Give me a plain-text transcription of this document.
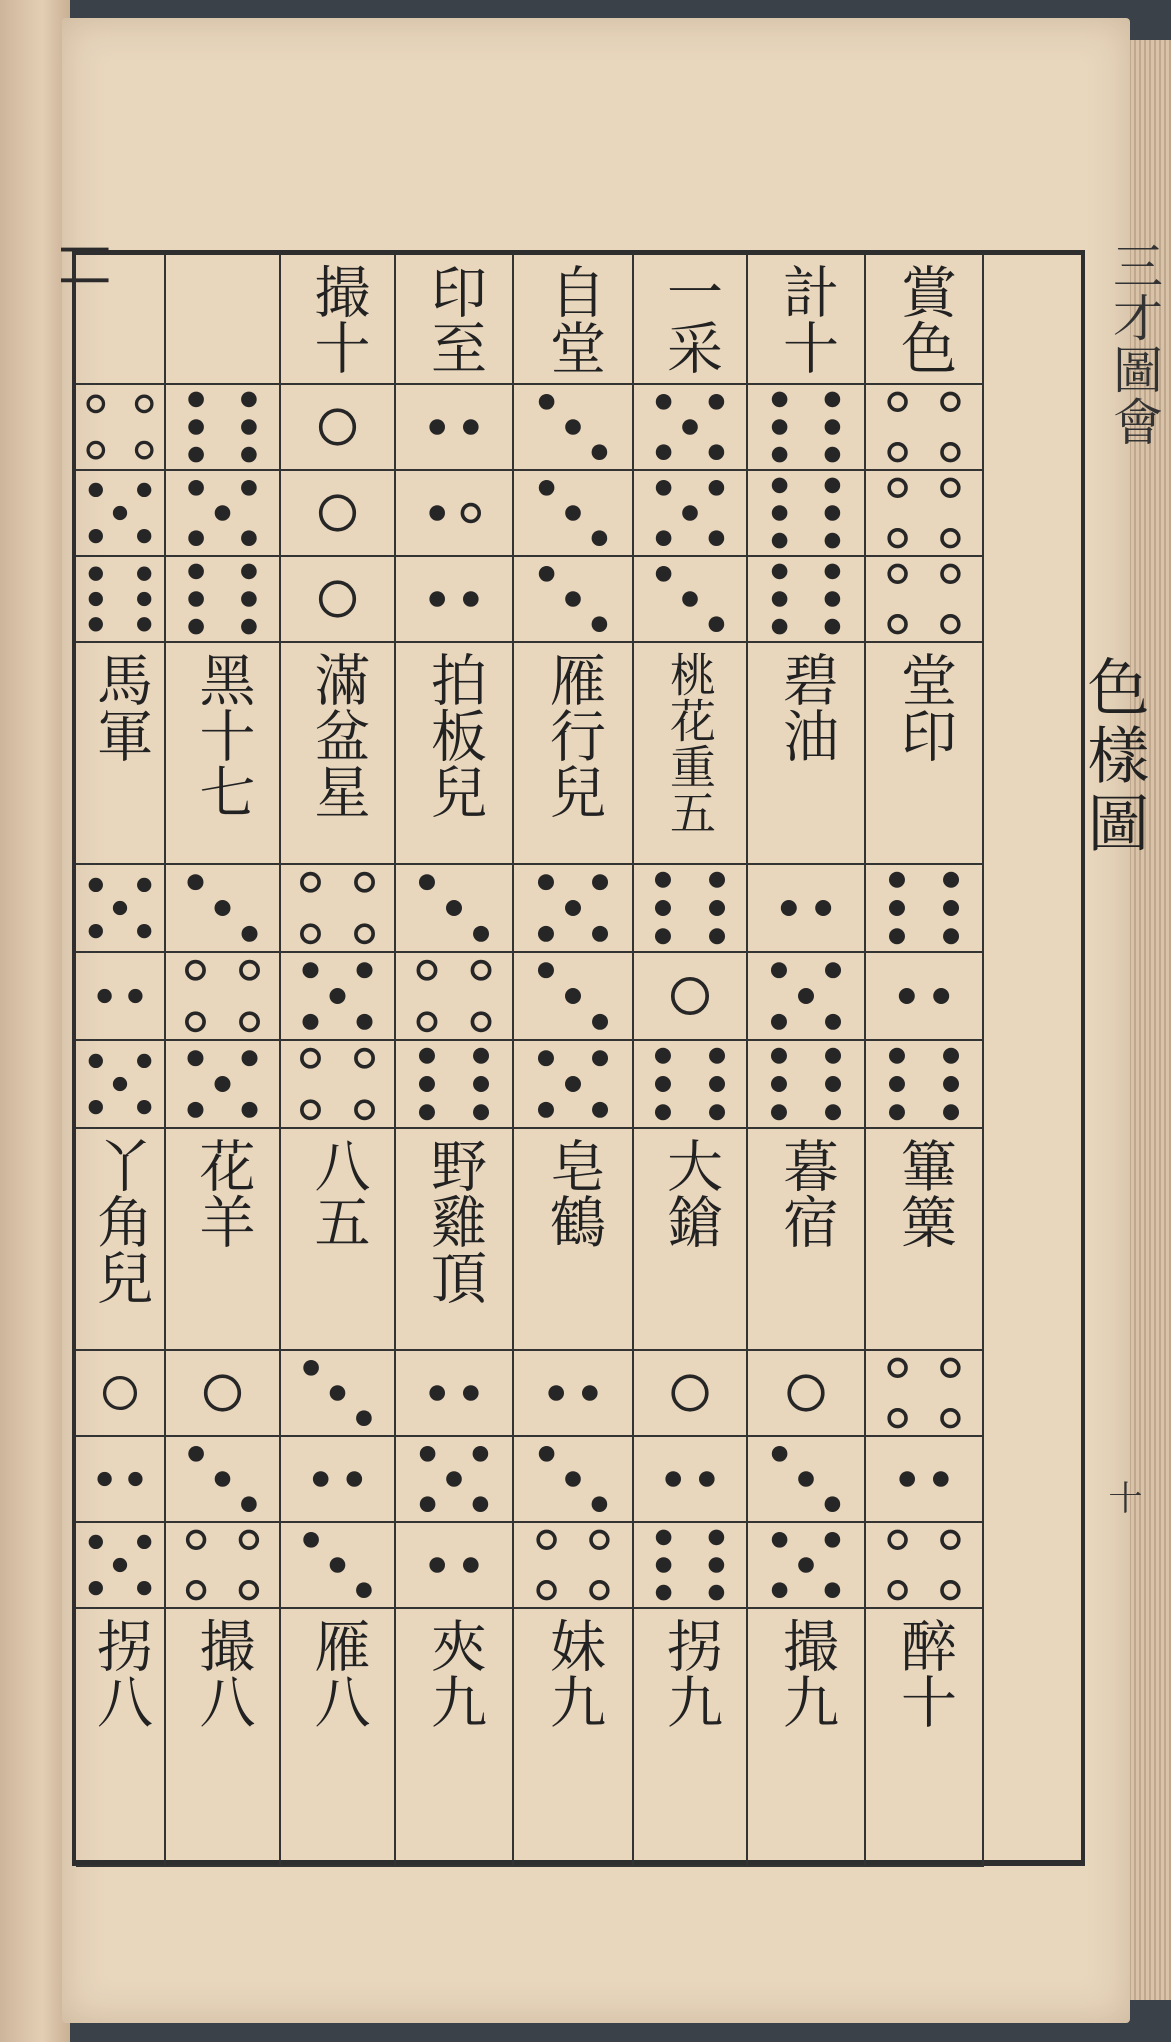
▏▏	三才圖會
十
色樣圖
賞色
計十
一采
自堂
印至
撮十
堂印
碧油
桃花重五
雁行兒
拍板兒
滿盆星
黑十七
馬軍
篳篥
暮宿
大鎗
皂鶴
野雞頂
八五
花羊
丫角兒
醉十
撮九
拐九
妹九
夾九
雁八
撮八
拐八
